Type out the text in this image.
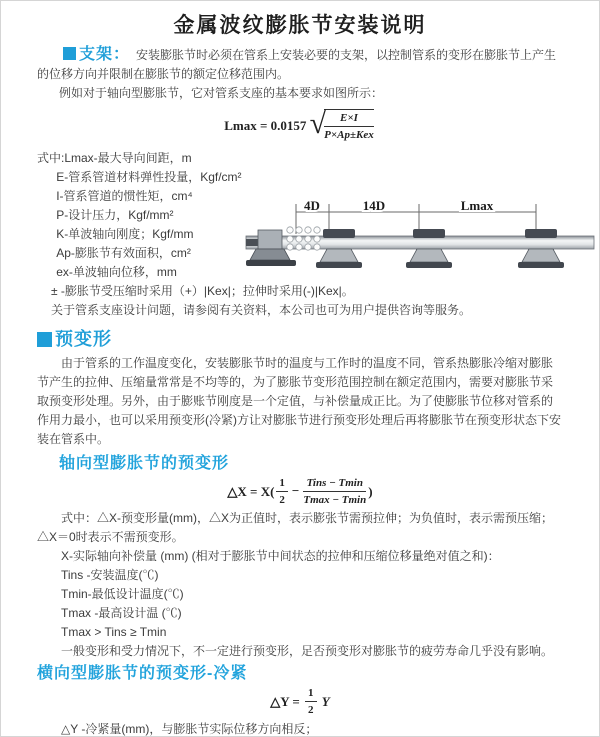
金属波纹膨胀节安装说明

支架： 安装膨胀节时必须在管系上安装必要的支架，以控制管系的变形在膨胀节上产生的位移方向并限制在膨胀节的额定位移范围内。

例如对于轴向型膨胀节，它对管系支座的基本要求如图所示：

Lmax = 0.0157 √
$\frac{E\times I}{\text{P×Ap±Kex}}$
式中:Lmax-最大导向间距，m
E-管系管道材料弹性投量，Kgf/cm²
I-管系管道的惯性矩，cm⁴
P-设计压力，Kgf/mm²
K-单波轴向刚度；Kgf/mm
Ap-膨胀节有效面积，cm²
ex-单波轴向位移，mm
± -膨胀节受压缩时采用（+）|Kex|；拉伸时采用(-)|Kex|。
关于管系支座设计问题，请参阅有关资料，本公司也可为用户提供咨询等服务。
预变形

由于管系的工作温度变化，安装膨胀节时的温度与工作时的温度不同，管系热膨胀冷缩对膨胀节产生的拉伸、压缩量常常是不均等的，为了膨胀节变形范围控制在额定范围内，需要对膨胀节采取预变形处理。另外，由于膨账节刚度是一个定值，与补偿量成正比。为了使膨胀节位移对管系的作用力最小，也可以采用预变形(冷紧)方让对膨胀节进行预变形处理后再将膨胀节在预变形状态下安装在管系中。

轴向型膨胀节的预变形
△X = $X( \frac{1}{2} - \frac{\text{Tins − Tmin}}{Tmax - Tmin}$ )
式中：△X-预变形量(mm)，△X为正值时，表示膨张节需预拉伸；为负值时，表示需预压缩；△X＝0时表示不需预变形。
X-实际轴向补偿量 (mm) (相对于膨胀节中间状态的拉伸和压缩位移量绝对值之和)：
Tins -安装温度(℃)
Tmin-最低设计温度(℃)
Tmax -最高设计温 (℃)
Tmax > Tins ≥ Tmin
一般变形和受力情况下，不一定进行预变形，足否预变形对膨胀节的疲劳寿命几乎没有影响。
横向型膨胀节的预变形-冷紧
△Y = $\frac{1}{2}$ Y
△Y -冷紧量(mm)，与膨胀节实际位移方向相反；
4D	14D	Lmax
